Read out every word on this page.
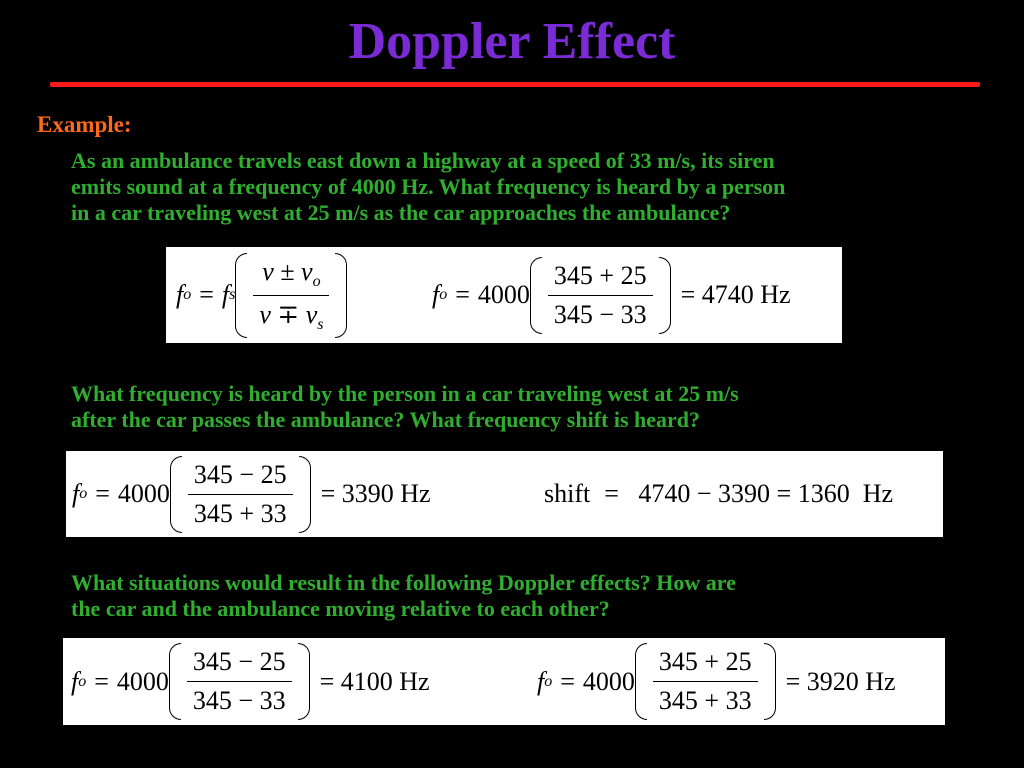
Doppler Effect
Example:
As an ambulance travels east down a highway at a speed of 33 m/s, its siren
emits sound at a frequency of 4000 Hz. What frequency is heard by a person
in a car traveling west at 25 m/s as the car approaches the ambulance?
f o = f s $\frac{v \pm v_o}{v \mp v_s}$	f $o = 4000 \frac{345 + 25}{345 - 33} = 4740$ Hz
What frequency is heard by the person in a car traveling west at 25 m/s
after the car passes the ambulance? What frequency shift is heard?
f $o = 4000 \frac{345 - 25}{345 + 33} = 3390$ Hz	shift =   4740 − 3390 = 1360  Hz
What situations would result in the following Doppler effects? How are
the car and the ambulance moving relative to each other?
f $o = 4000 \frac{345 - 25}{345 - 33} = 4100$ Hz	f $o = 4000 \frac{345 + 25}{345 + 33} = 3920$ Hz
